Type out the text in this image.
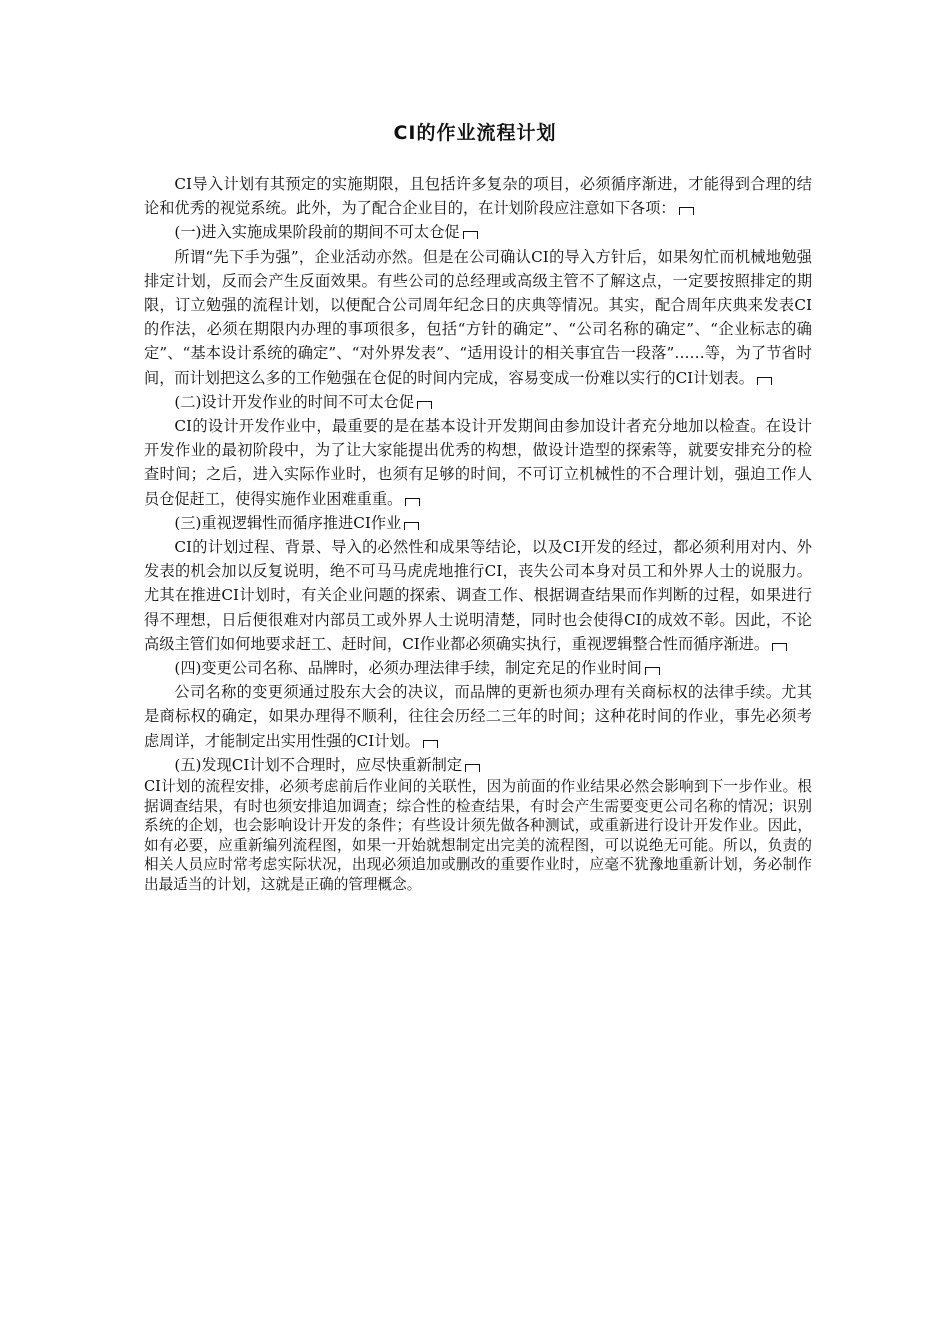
CI的作业流程计划

CI导入计划有其预定的实施期限，且包括许多复杂的项目，必须循序渐进，才能得到合理的结论和优秀的视觉系统。此外，为了配合企业目的，在计划阶段应注意如下各项：

(一)进入实施成果阶段前的期间不可太仓促

所谓“先下手为强”，企业活动亦然。但是在公司确认CI的导入方针后，如果匆忙而机械地勉强排定计划，反而会产生反面效果。有些公司的总经理或高级主管不了解这点，一定要按照排定的期限，订立勉强的流程计划，以便配合公司周年纪念日的庆典等情况。其实，配合周年庆典来发表CI的作法，必须在期限内办理的事项很多，包括“方针的确定”、“公司名称的确定”、“企业标志的确定”、“基本设计系统的确定”、“对外界发表”、“适用设计的相关事宜告一段落”……等，为了节省时间，而计划把这么多的工作勉强在仓促的时间内完成，容易变成一份难以实行的CI计划表。

(二)设计开发作业的时间不可太仓促

CI的设计开发作业中，最重要的是在基本设计开发期间由参加设计者充分地加以检查。在设计开发作业的最初阶段中，为了让大家能提出优秀的构想，做设计造型的探索等，就要安排充分的检查时间；之后，进入实际作业时，也须有足够的时间，不可订立机械性的不合理计划，强迫工作人员仓促赶工，使得实施作业困难重重。

(三)重视逻辑性而循序推进CI作业

CI的计划过程、背景、导入的必然性和成果等结论，以及CI开发的经过，都必须利用对内、外发表的机会加以反复说明，绝不可马马虎虎地推行CI，丧失公司本身对员工和外界人士的说服力。尤其在推进CI计划时，有关企业问题的探索、调查工作、根据调查结果而作判断的过程，如果进行得不理想，日后便很难对内部员工或外界人士说明清楚，同时也会使得CI的成效不彰。因此，不论高级主管们如何地要求赶工、赶时间，CI作业都必须确实执行，重视逻辑整合性而循序渐进。

(四)变更公司名称、品牌时，必须办理法律手续，制定充足的作业时间

公司名称的变更须通过股东大会的决议，而品牌的更新也须办理有关商标权的法律手续。尤其是商标权的确定，如果办理得不顺利，往往会历经二三年的时间；这种花时间的作业，事先必须考虑周详，才能制定出实用性强的CI计划。

(五)发现CI计划不合理时，应尽快重新制定

CI计划的流程安排，必须考虑前后作业间的关联性，因为前面的作业结果必然会影响到下一步作业。根据调查结果，有时也须安排追加调查；综合性的检查结果，有时会产生需要变更公司名称的情况；识别系统的企划，也会影响设计开发的条件；有些设计须先做各种测试，或重新进行设计开发作业。因此，如有必要，应重新编列流程图，如果一开始就想制定出完美的流程图，可以说绝无可能。所以，负责的相关人员应时常考虑实际状况，出现必须追加或删改的重要作业时，应毫不犹豫地重新计划，务必制作出最适当的计划，这就是正确的管理概念。
